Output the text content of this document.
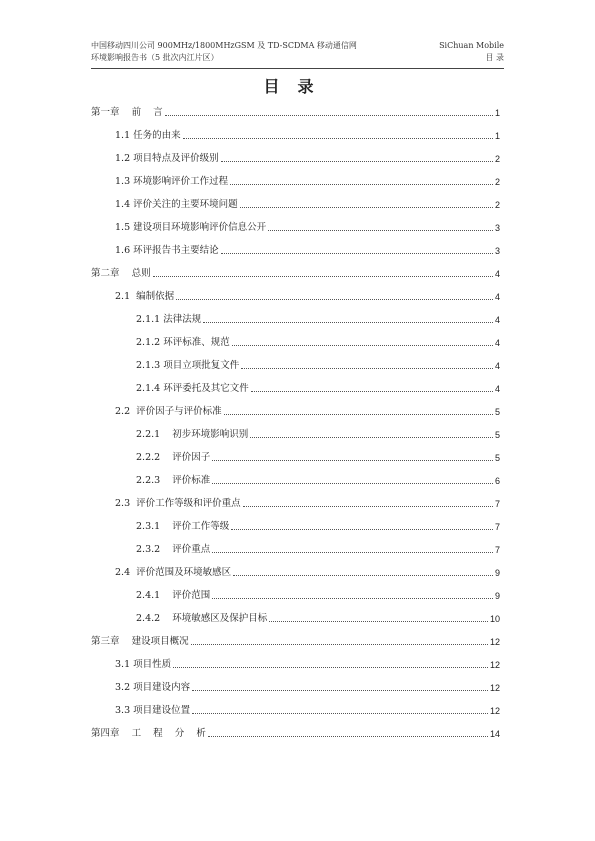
中国移动四川公司 900MHz/1800MHzGSM 及 TD-SCDMA 移动通信网
环境影响报告书（5 批次内江片区）
SiChuan Mobile
目 录
目录
第一章    前    言	1
1.1 任务的由来	1
1.2 项目特点及评价级别	2
1.3 环境影响评价工作过程	2
1.4 评价关注的主要环境问题	2
1.5 建设项目环境影响评价信息公开	3
1.6 环评报告书主要结论	3
第二章    总则	4
2.1  编制依据	4
2.1.1 法律法规	4
2.1.2 环评标准、规范	4
2.1.3 项目立项批复文件	4
2.1.4 环评委托及其它文件	4
2.2  评价因子与评价标准	5
2.2.1    初步环境影响识别	5
2.2.2    评价因子	5
2.2.3    评价标准	6
2.3  评价工作等级和评价重点	7
2.3.1    评价工作等级	7
2.3.2    评价重点	7
2.4  评价范围及环境敏感区	9
2.4.1    评价范围	9
2.4.2    环境敏感区及保护目标	10
第三章    建设项目概况	12
3.1 项目性质	12
3.2 项目建设内容	12
3.3 项目建设位置	12
第四章    工    程    分    析	14
